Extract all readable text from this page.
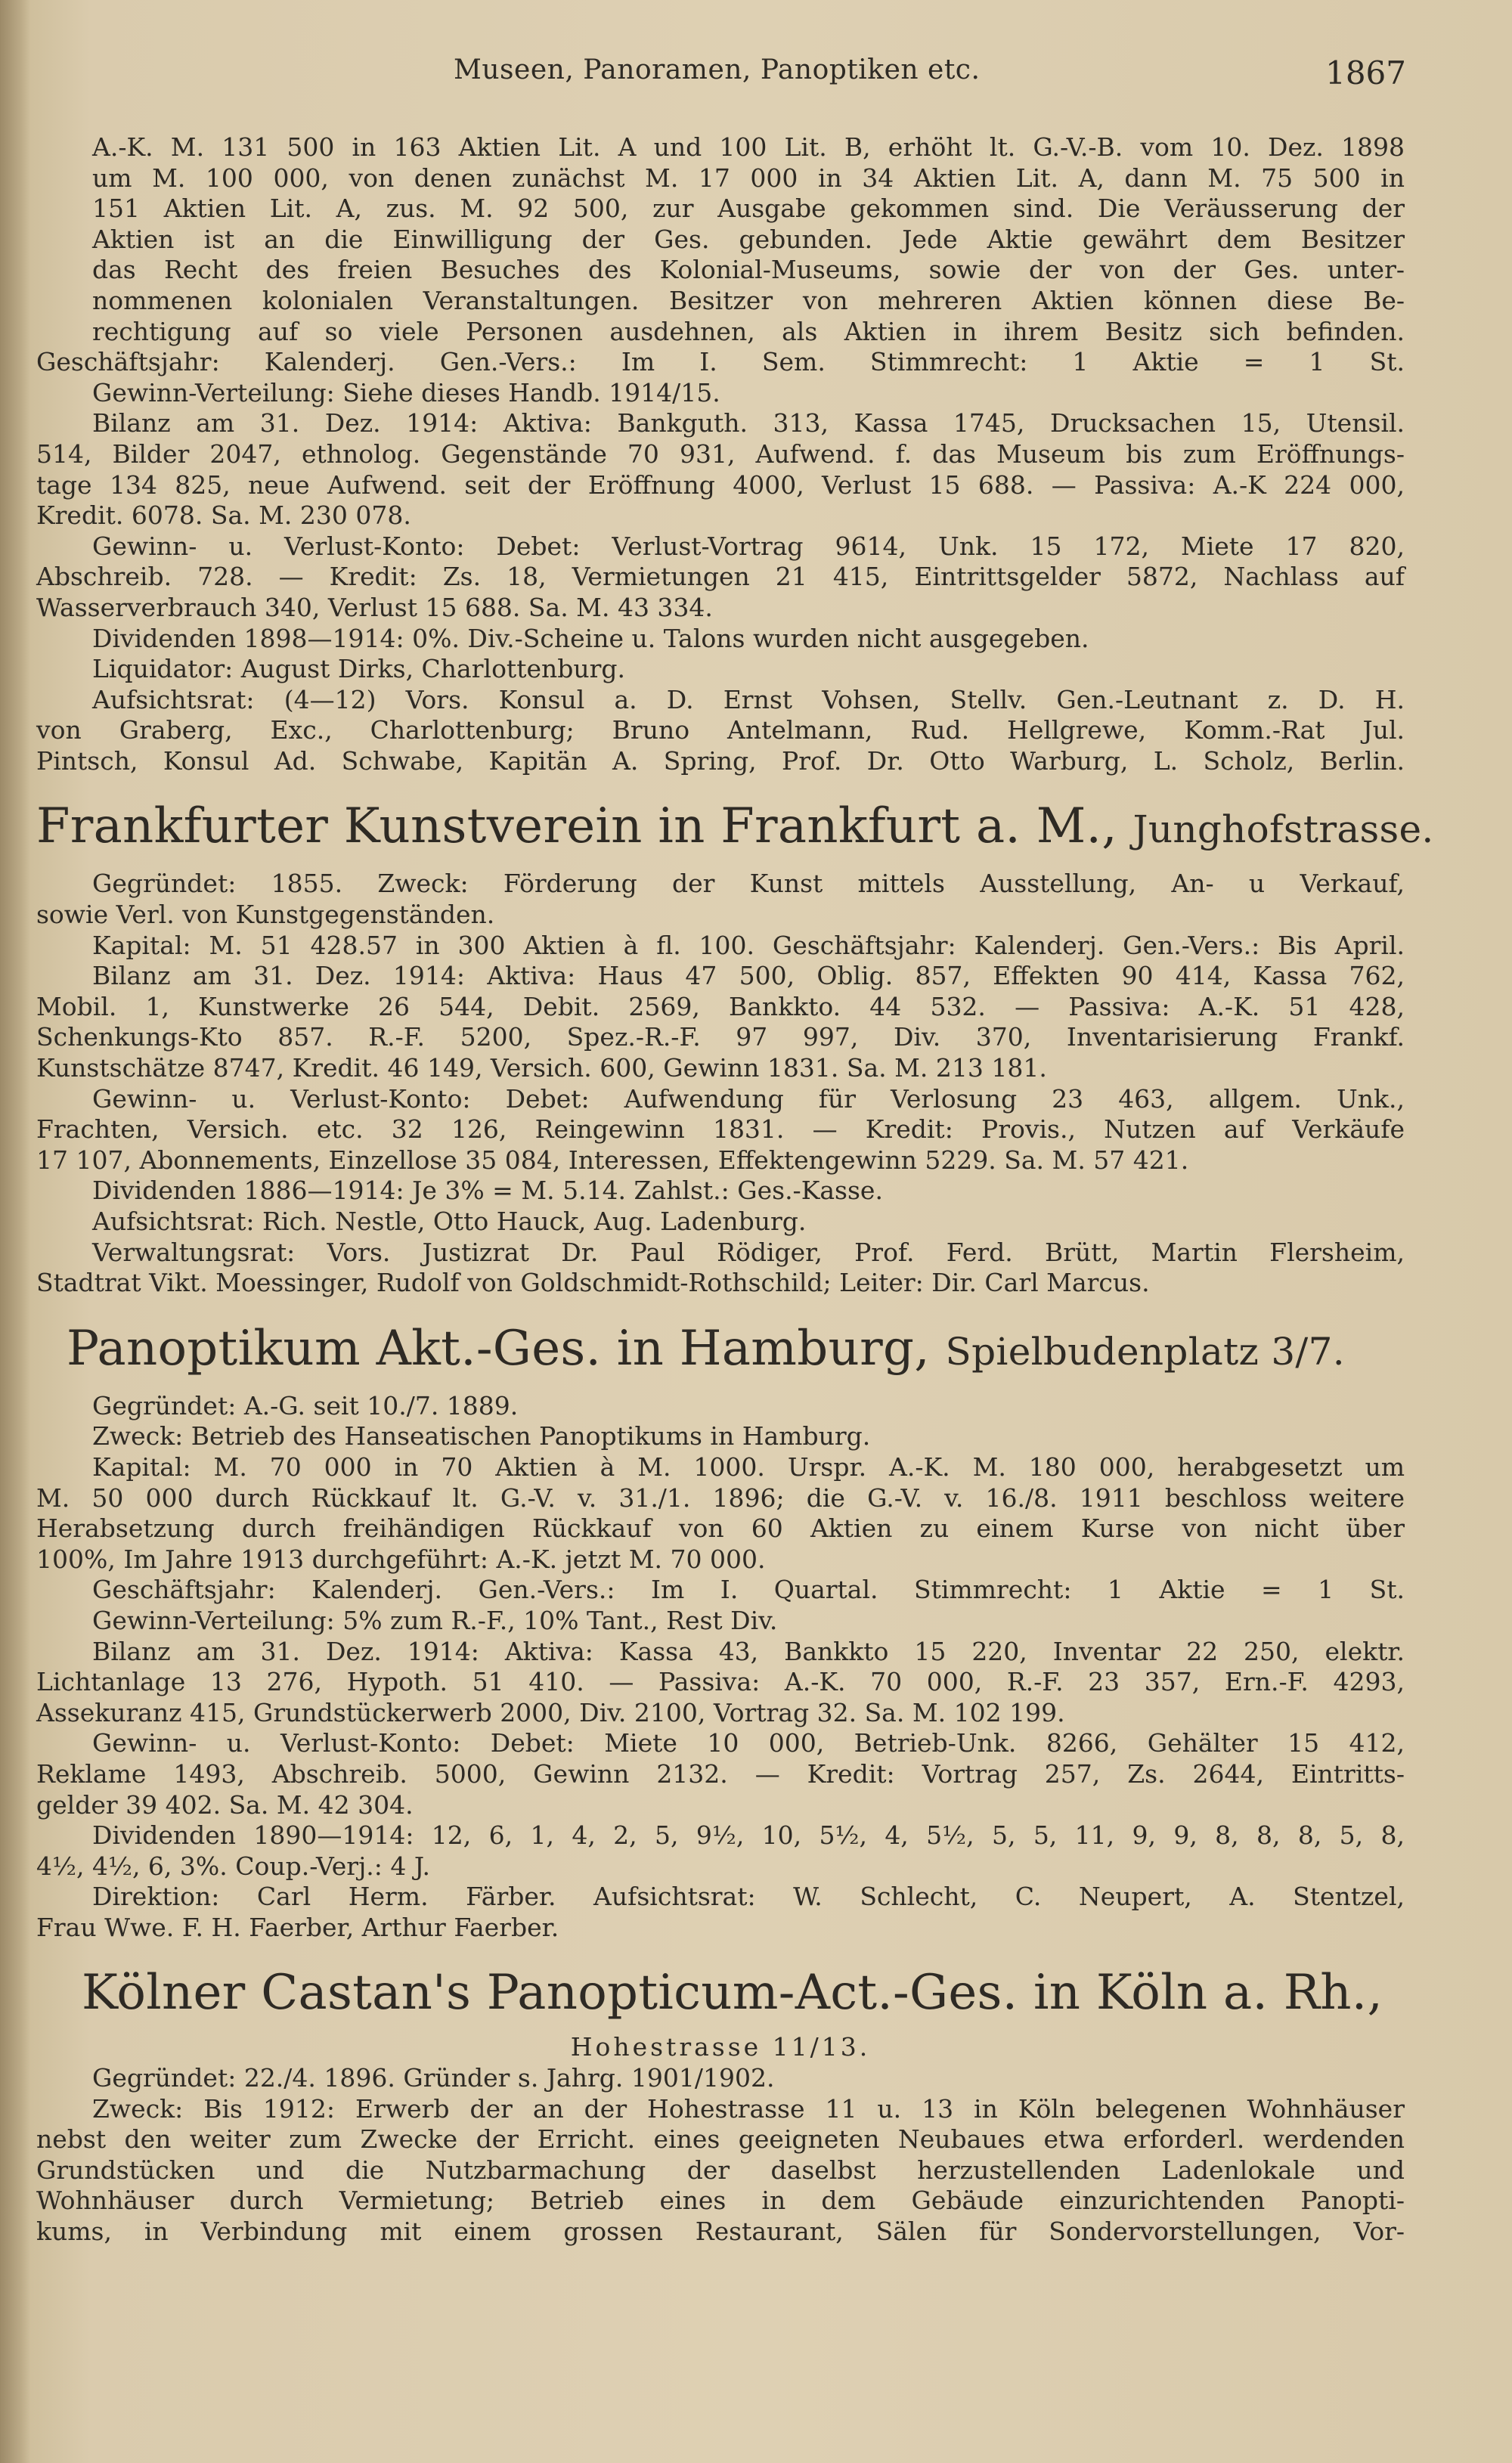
Museen, Panoramen, Panoptiken etc.	1867
A.-K. M. 131 500 in 163 Aktien Lit. A und 100 Lit. B, erhöht lt. G.-V.-B. vom 10. Dez. 1898
um M. 100 000, von denen zunächst M. 17 000 in 34 Aktien Lit. A, dann M. 75 500 in
151 Aktien Lit. A, zus. M. 92 500, zur Ausgabe gekommen sind. Die Veräusserung der
Aktien ist an die Einwilligung der Ges. gebunden. Jede Aktie gewährt dem Besitzer
das Recht des freien Besuches des Kolonial-Museums, sowie der von der Ges. unter-
nommenen kolonialen Veranstaltungen. Besitzer von mehreren Aktien können diese Be-
rechtigung auf so viele Personen ausdehnen, als Aktien in ihrem Besitz sich befinden.
Geschäftsjahr: Kalenderj. Gen.-Vers.: Im I. Sem. Stimmrecht: 1 Aktie = 1 St.
Gewinn-Verteilung: Siehe dieses Handb. 1914/15.
Bilanz am 31. Dez. 1914: Aktiva: Bankguth. 313, Kassa 1745, Drucksachen 15, Utensil.
514, Bilder 2047, ethnolog. Gegenstände 70 931, Aufwend. f. das Museum bis zum Eröffnungs-
tage 134 825, neue Aufwend. seit der Eröffnung 4000, Verlust 15 688. — Passiva: A.-K 224 000,
Kredit. 6078. Sa. M. 230 078.
Gewinn- u. Verlust-Konto: Debet: Verlust-Vortrag 9614, Unk. 15 172, Miete 17 820,
Abschreib. 728. — Kredit: Zs. 18, Vermietungen 21 415, Eintrittsgelder 5872, Nachlass auf
Wasserverbrauch 340, Verlust 15 688. Sa. M. 43 334.
Dividenden 1898—1914: 0%. Div.-Scheine u. Talons wurden nicht ausgegeben.
Liquidator: August Dirks, Charlottenburg.
Aufsichtsrat: (4—12) Vors. Konsul a. D. Ernst Vohsen, Stellv. Gen.-Leutnant z. D. H.
von Graberg, Exc., Charlottenburg; Bruno Antelmann, Rud. Hellgrewe, Komm.-Rat Jul.
Pintsch, Konsul Ad. Schwabe, Kapitän A. Spring, Prof. Dr. Otto Warburg, L. Scholz, Berlin.
Frankfurter Kunstverein in Frankfurt a. M., Junghofstrasse.
Gegründet: 1855. Zweck: Förderung der Kunst mittels Ausstellung, An- u Verkauf,
sowie Verl. von Kunstgegenständen.
Kapital: M. 51 428.57 in 300 Aktien à fl. 100. Geschäftsjahr: Kalenderj. Gen.-Vers.: Bis April.
Bilanz am 31. Dez. 1914: Aktiva: Haus 47 500, Oblig. 857, Effekten 90 414, Kassa 762,
Mobil. 1, Kunstwerke 26 544, Debit. 2569, Bankkto. 44 532. — Passiva: A.-K. 51 428,
Schenkungs-Kto 857. R.-F. 5200, Spez.-R.-F. 97 997, Div. 370, Inventarisierung Frankf.
Kunstschätze 8747, Kredit. 46 149, Versich. 600, Gewinn 1831. Sa. M. 213 181.
Gewinn- u. Verlust-Konto: Debet: Aufwendung für Verlosung 23 463, allgem. Unk.,
Frachten, Versich. etc. 32 126, Reingewinn 1831. — Kredit: Provis., Nutzen auf Verkäufe
17 107, Abonnements, Einzellose 35 084, Interessen, Effektengewinn 5229. Sa. M. 57 421.
Dividenden 1886—1914: Je 3% = M. 5.14. Zahlst.: Ges.-Kasse.
Aufsichtsrat: Rich. Nestle, Otto Hauck, Aug. Ladenburg.
Verwaltungsrat: Vors. Justizrat Dr. Paul Rödiger, Prof. Ferd. Brütt, Martin Flersheim,
Stadtrat Vikt. Moessinger, Rudolf von Goldschmidt-Rothschild; Leiter: Dir. Carl Marcus.
Panoptikum Akt.-Ges. in Hamburg, Spielbudenplatz 3/7.
Gegründet: A.-G. seit 10./7. 1889.
Zweck: Betrieb des Hanseatischen Panoptikums in Hamburg.
Kapital: M. 70 000 in 70 Aktien à M. 1000. Urspr. A.-K. M. 180 000, herabgesetzt um
M. 50 000 durch Rückkauf lt. G.-V. v. 31./1. 1896; die G.-V. v. 16./8. 1911 beschloss weitere
Herabsetzung durch freihändigen Rückkauf von 60 Aktien zu einem Kurse von nicht über
100%, Im Jahre 1913 durchgeführt: A.-K. jetzt M. 70 000.
Geschäftsjahr: Kalenderj. Gen.-Vers.: Im I. Quartal. Stimmrecht: 1 Aktie = 1 St.
Gewinn-Verteilung: 5% zum R.-F., 10% Tant., Rest Div.
Bilanz am 31. Dez. 1914: Aktiva: Kassa 43, Bankkto 15 220, Inventar 22 250, elektr.
Lichtanlage 13 276, Hypoth. 51 410. — Passiva: A.-K. 70 000, R.-F. 23 357, Ern.-F. 4293,
Assekuranz 415, Grundstückerwerb 2000, Div. 2100, Vortrag 32. Sa. M. 102 199.
Gewinn- u. Verlust-Konto: Debet: Miete 10 000, Betrieb-Unk. 8266, Gehälter 15 412,
Reklame 1493, Abschreib. 5000, Gewinn 2132. — Kredit: Vortrag 257, Zs. 2644, Eintritts-
gelder 39 402. Sa. M. 42 304.
Dividenden 1890—1914: 12, 6, 1, 4, 2, 5, 9½, 10, 5½, 4, 5½, 5, 5, 11, 9, 9, 8, 8, 8, 5, 8,
4½, 4½, 6, 3%. Coup.-Verj.: 4 J.
Direktion: Carl Herm. Färber. Aufsichtsrat: W. Schlecht, C. Neupert, A. Stentzel,
Frau Wwe. F. H. Faerber, Arthur Faerber.
Kölner Castan's Panopticum-Act.-Ges. in Köln a. Rh.,
Hohestrasse 11/13.
Gegründet: 22./4. 1896. Gründer s. Jahrg. 1901/1902.
Zweck: Bis 1912: Erwerb der an der Hohestrasse 11 u. 13 in Köln belegenen Wohnhäuser
nebst den weiter zum Zwecke der Erricht. eines geeigneten Neubaues etwa erforderl. werdenden
Grundstücken und die Nutzbarmachung der daselbst herzustellenden Ladenlokale und
Wohnhäuser durch Vermietung; Betrieb eines in dem Gebäude einzurichtenden Panopti-
kums, in Verbindung mit einem grossen Restaurant, Sälen für Sondervorstellungen, Vor-
